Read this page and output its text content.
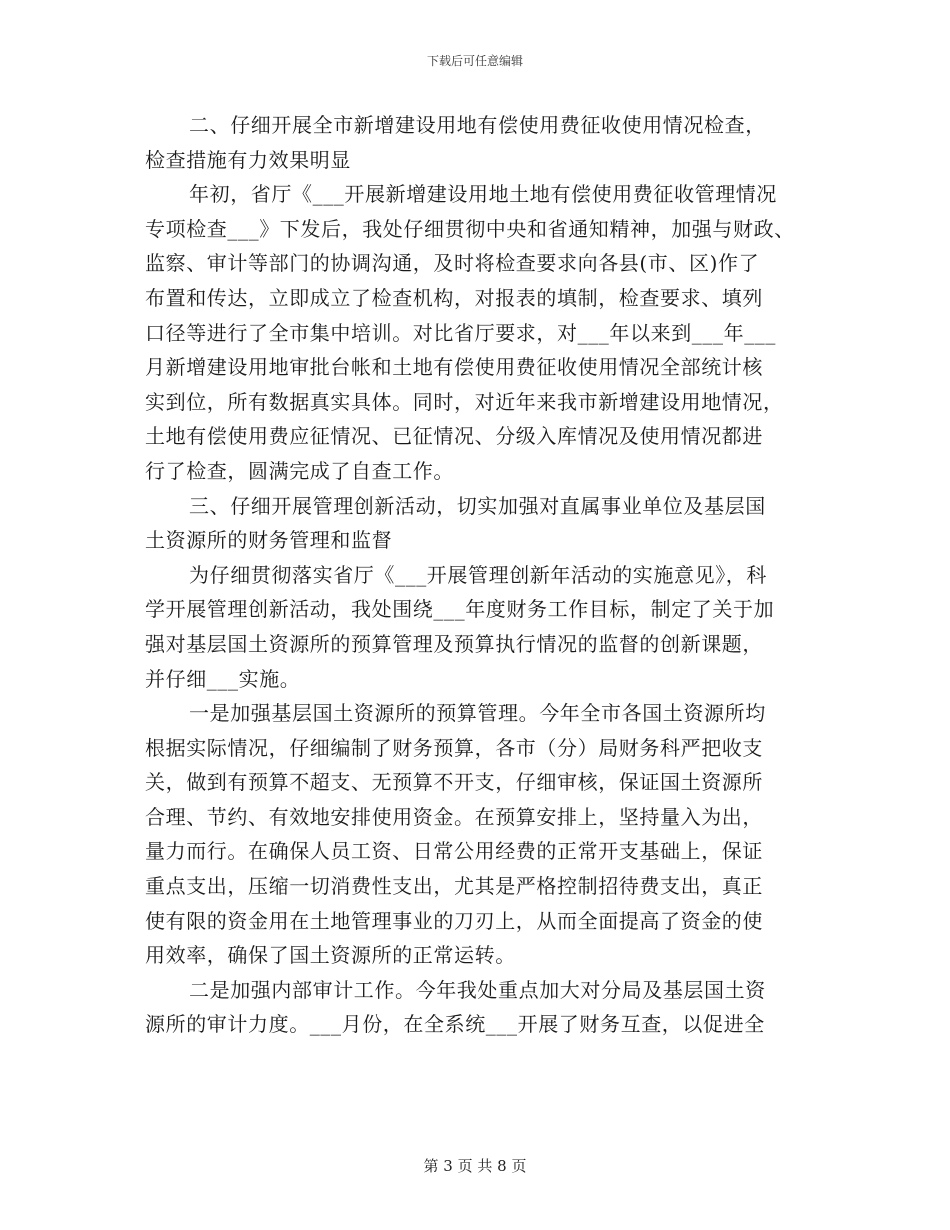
下载后可任意编辑
二、仔细开展全市新增建设用地有偿使用费征收使用情况检查，
检查措施有力效果明显
年初，省厅《___开展新增建设用地土地有偿使用费征收管理情况
专项检查___》下发后，我处仔细贯彻中央和省通知精神，加强与财政、
监察、审计等部门的协调沟通，及时将检查要求向各县(市、区)作了
布置和传达，立即成立了检查机构，对报表的填制，检查要求、填列
口径等进行了全市集中培训。对比省厅要求，对___年以来到___年___
月新增建设用地审批台帐和土地有偿使用费征收使用情况全部统计核
实到位，所有数据真实具体。同时，对近年来我市新增建设用地情况，
土地有偿使用费应征情况、已征情况、分级入库情况及使用情况都进
行了检查，圆满完成了自查工作。
三、仔细开展管理创新活动，切实加强对直属事业单位及基层国
土资源所的财务管理和监督
为仔细贯彻落实省厅《___开展管理创新年活动的实施意见》，科
学开展管理创新活动，我处围绕___年度财务工作目标，制定了关于加
强对基层国土资源所的预算管理及预算执行情况的监督的创新课题，
并仔细___实施。
一是加强基层国土资源所的预算管理。今年全市各国土资源所均
根据实际情况，仔细编制了财务预算，各市（分）局财务科严把收支
关，做到有预算不超支、无预算不开支，仔细审核，保证国土资源所
合理、节约、有效地安排使用资金。在预算安排上，坚持量入为出，
量力而行。在确保人员工资、日常公用经费的正常开支基础上，保证
重点支出，压缩一切消费性支出，尤其是严格控制招待费支出，真正
使有限的资金用在土地管理事业的刀刃上，从而全面提高了资金的使
用效率，确保了国土资源所的正常运转。
二是加强内部审计工作。今年我处重点加大对分局及基层国土资
源所的审计力度。___月份，在全系统___开展了财务互查，以促进全
第 3 页 共 8 页
